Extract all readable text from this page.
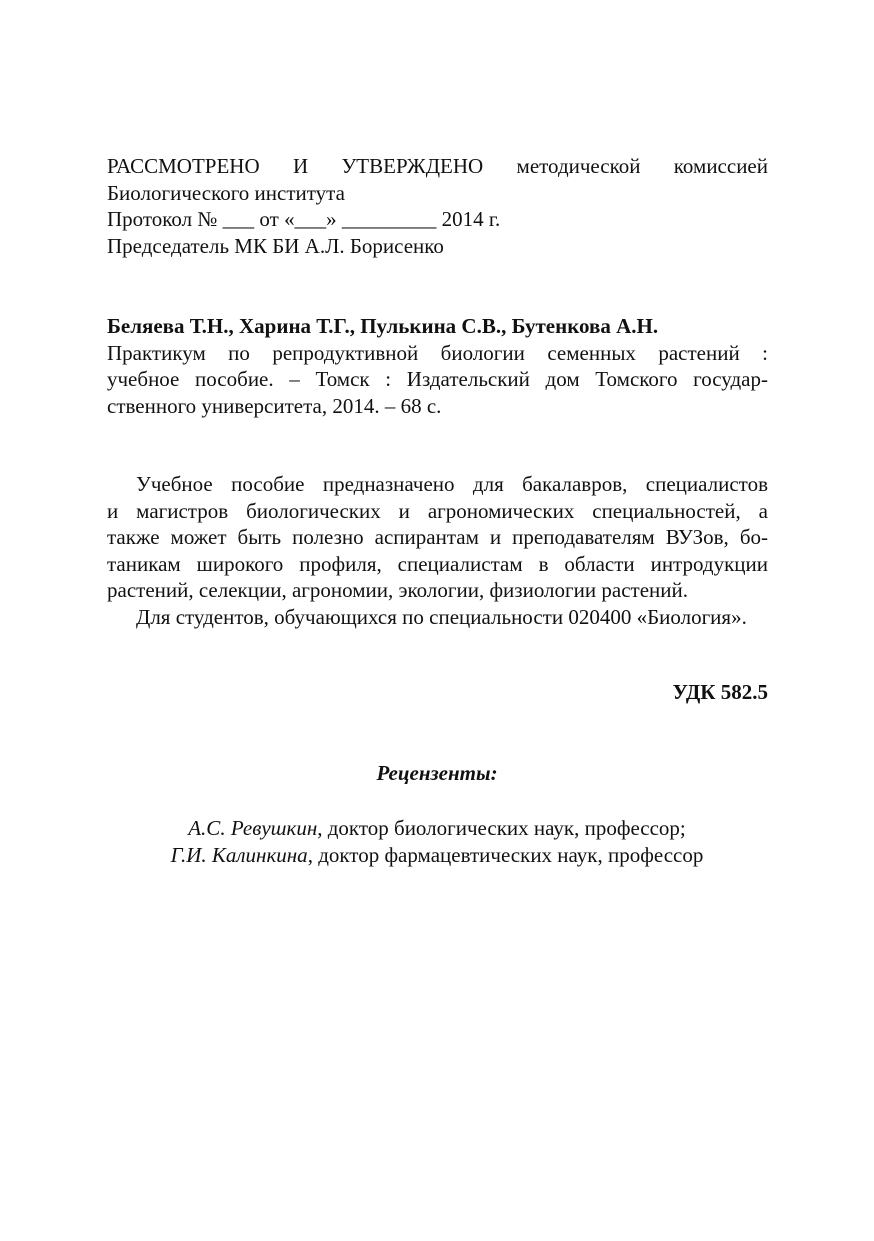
РАССМОТРЕНО И УТВЕРЖДЕНО методической комиссией
Биологического института
Протокол № ___ от «___» _________ 2014 г.
Председатель МК БИ А.Л. Борисенко
Беляева Т.Н., Харина Т.Г., Пулькина С.В., Бутенкова А.Н.
Практикум по репродуктивной биологии семенных растений :
учебное пособие. – Томск : Издательский дом Томского государ-
ственного университета, 2014. – 68 с.
Учебное пособие предназначено для бакалавров, специалистов
и магистров биологических и агрономических специальностей, а
также может быть полезно аспирантам и преподавателям ВУЗов, бо-
таникам широкого профиля, специалистам в области интродукции
растений, селекции, агрономии, экологии, физиологии растений.
Для студентов, обучающихся по специальности 020400 «Биология».
УДК 582.5
Рецензенты:
А.С. Ревушкин, доктор биологических наук, профессор;
Г.И. Калинкина, доктор фармацевтических наук, профессор
